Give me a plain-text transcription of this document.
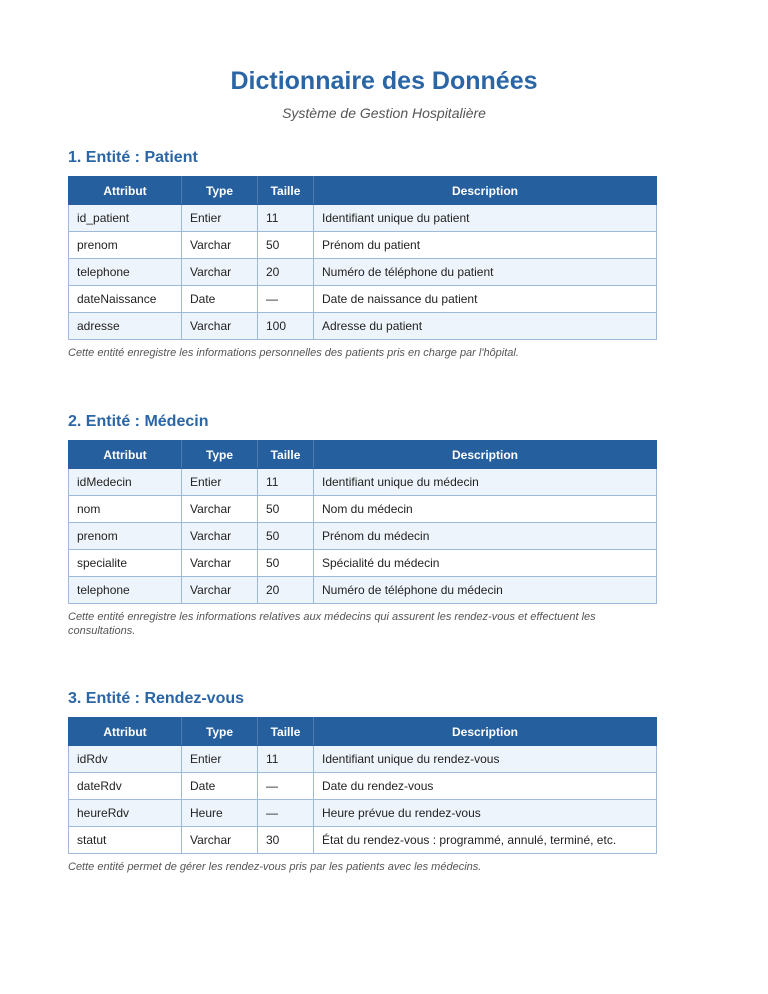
Dictionnaire des Données

Système de Gestion Hospitalière

1. Entité : Patient
Attribut	Type	Taille	Description
id_patient	Entier	11	Identifiant unique du patient
prenom	Varchar	50	Prénom du patient
telephone	Varchar	20	Numéro de téléphone du patient
dateNaissance	Date	—	Date de naissance du patient
adresse	Varchar	100	Adresse du patient

Cette entité enregistre les informations personnelles des patients pris en charge par l'hôpital.

2. Entité : Médecin
Attribut	Type	Taille	Description
idMedecin	Entier	11	Identifiant unique du médecin
nom	Varchar	50	Nom du médecin
prenom	Varchar	50	Prénom du médecin
specialite	Varchar	50	Spécialité du médecin
telephone	Varchar	20	Numéro de téléphone du médecin

Cette entité enregistre les informations relatives aux médecins qui assurent les rendez-vous et effectuent les consultations.

3. Entité : Rendez-vous
Attribut	Type	Taille	Description
idRdv	Entier	11	Identifiant unique du rendez-vous
dateRdv	Date	—	Date du rendez-vous
heureRdv	Heure	—	Heure prévue du rendez-vous
statut	Varchar	30	État du rendez-vous : programmé, annulé, terminé, etc.

Cette entité permet de gérer les rendez-vous pris par les patients avec les médecins.
